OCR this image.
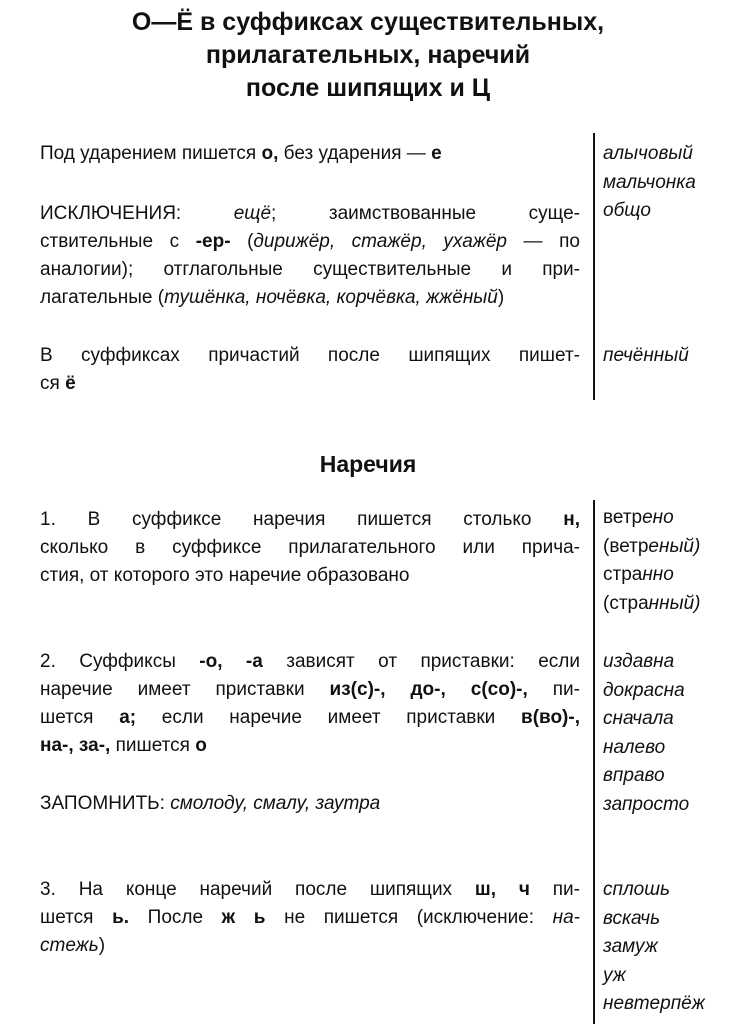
О—Ё в суффиксах существительных,
прилагательных, наречий
после шипящих и Ц
Под ударением пишется о, без ударения — е	алычовый
мальчонка
общо
ИСКЛЮЧЕНИЯ: ещё; заимствованные суще-
ствительные с -ер- (дирижёр, стажёр, ухажёр — по
аналогии); отглагольные существительные и при-
лагательные (тушёнка, ночёвка, корчёвка, жжёный)
В суффиксах причастий после шипящих пишет-
ся ё
печённый
Наречия
1. В суффиксе наречия пишется столько н,
сколько в суффиксе прилагательного или прича-
стия, от которого это наречие образовано
ветрено
(ветреный)
странно
(странный)
2. Суффиксы -о, -а зависят от приставки: если
наречие имеет приставки из(с)-, до-, с(со)-, пи-
шется а; если наречие имеет приставки в(во)-,
на-, за-, пишется о
ЗАПОМНИТЬ: смолоду, смалу, заутра
издавна
докрасна
сначала
налево
вправо
запросто
3. На конце наречий после шипящих ш, ч пи-
шется ь. После ж ь не пишется (исключение: на-
стежь)
сплошь
вскачь
замуж
уж
невтерпёж
